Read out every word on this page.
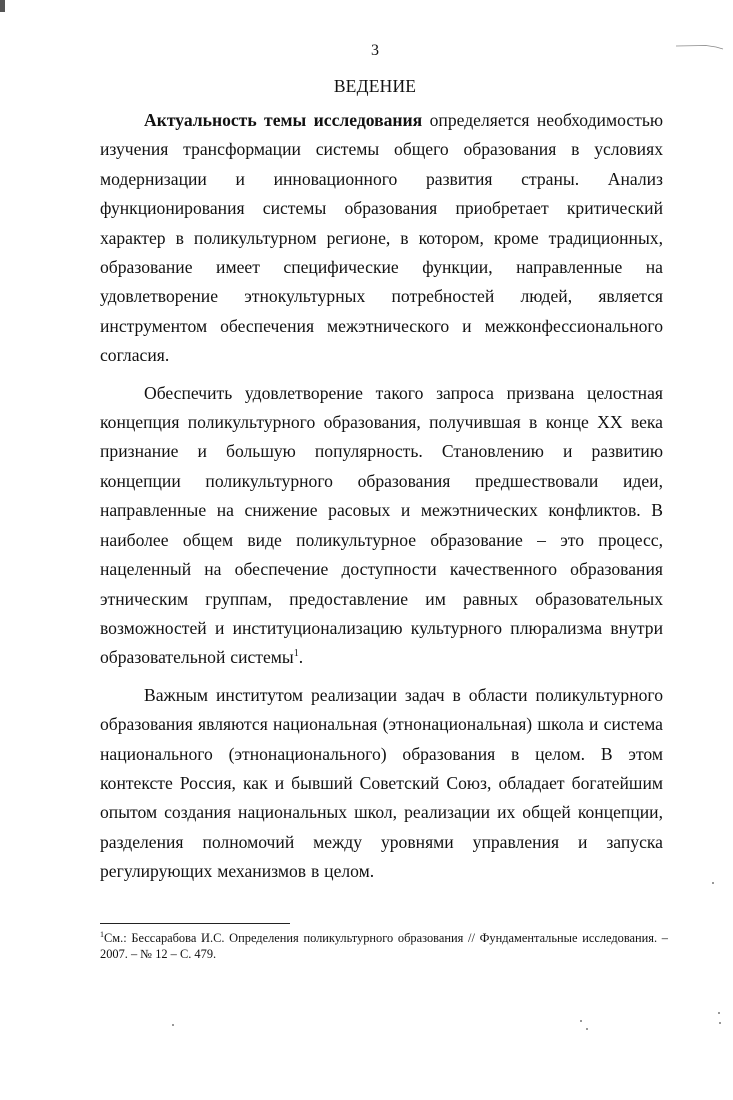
3
ВЕДЕНИЕ

Актуальность темы исследования определяется необходимостью изучения трансформации системы общего образования в условиях модернизации и инновационного развития страны. Анализ функционирования системы образования приобретает критический характер в поликультурном регионе, в котором, кроме традиционных, образование имеет специфические функции, направленные на удовлетворение этнокультурных потребностей людей, является инструментом обеспечения межэтнического и межконфессионального согласия.

Обеспечить удовлетворение такого запроса призвана целостная концепция поликультурного образования, получившая в конце XX века признание и большую популярность. Становлению и развитию концепции поликультурного образования предшествовали идеи, направленные на снижение расовых и межэтнических конфликтов. В наиболее общем виде поликультурное образование – это процесс, нацеленный на обеспечение доступности качественного образования этническим группам, предоставление им равных образовательных возможностей и институционализацию культурного плюрализма внутри образовательной системы$^1$.

Важным институтом реализации задач в области поликультурного образования являются национальная (этнонациональная) школа и система национального (этнонационального) образования в целом. В этом контексте Россия, как и бывший Советский Союз, обладает богатейшим опытом создания национальных школ, реализации их общей концепции, разделения полномочий между уровнями управления и запуска регулирующих механизмов в целом.

$^1$См.: Бессарабова И.С. Определения поликультурного образования // Фундаментальные исследования. – 2007. – № 12 – С. 479.
